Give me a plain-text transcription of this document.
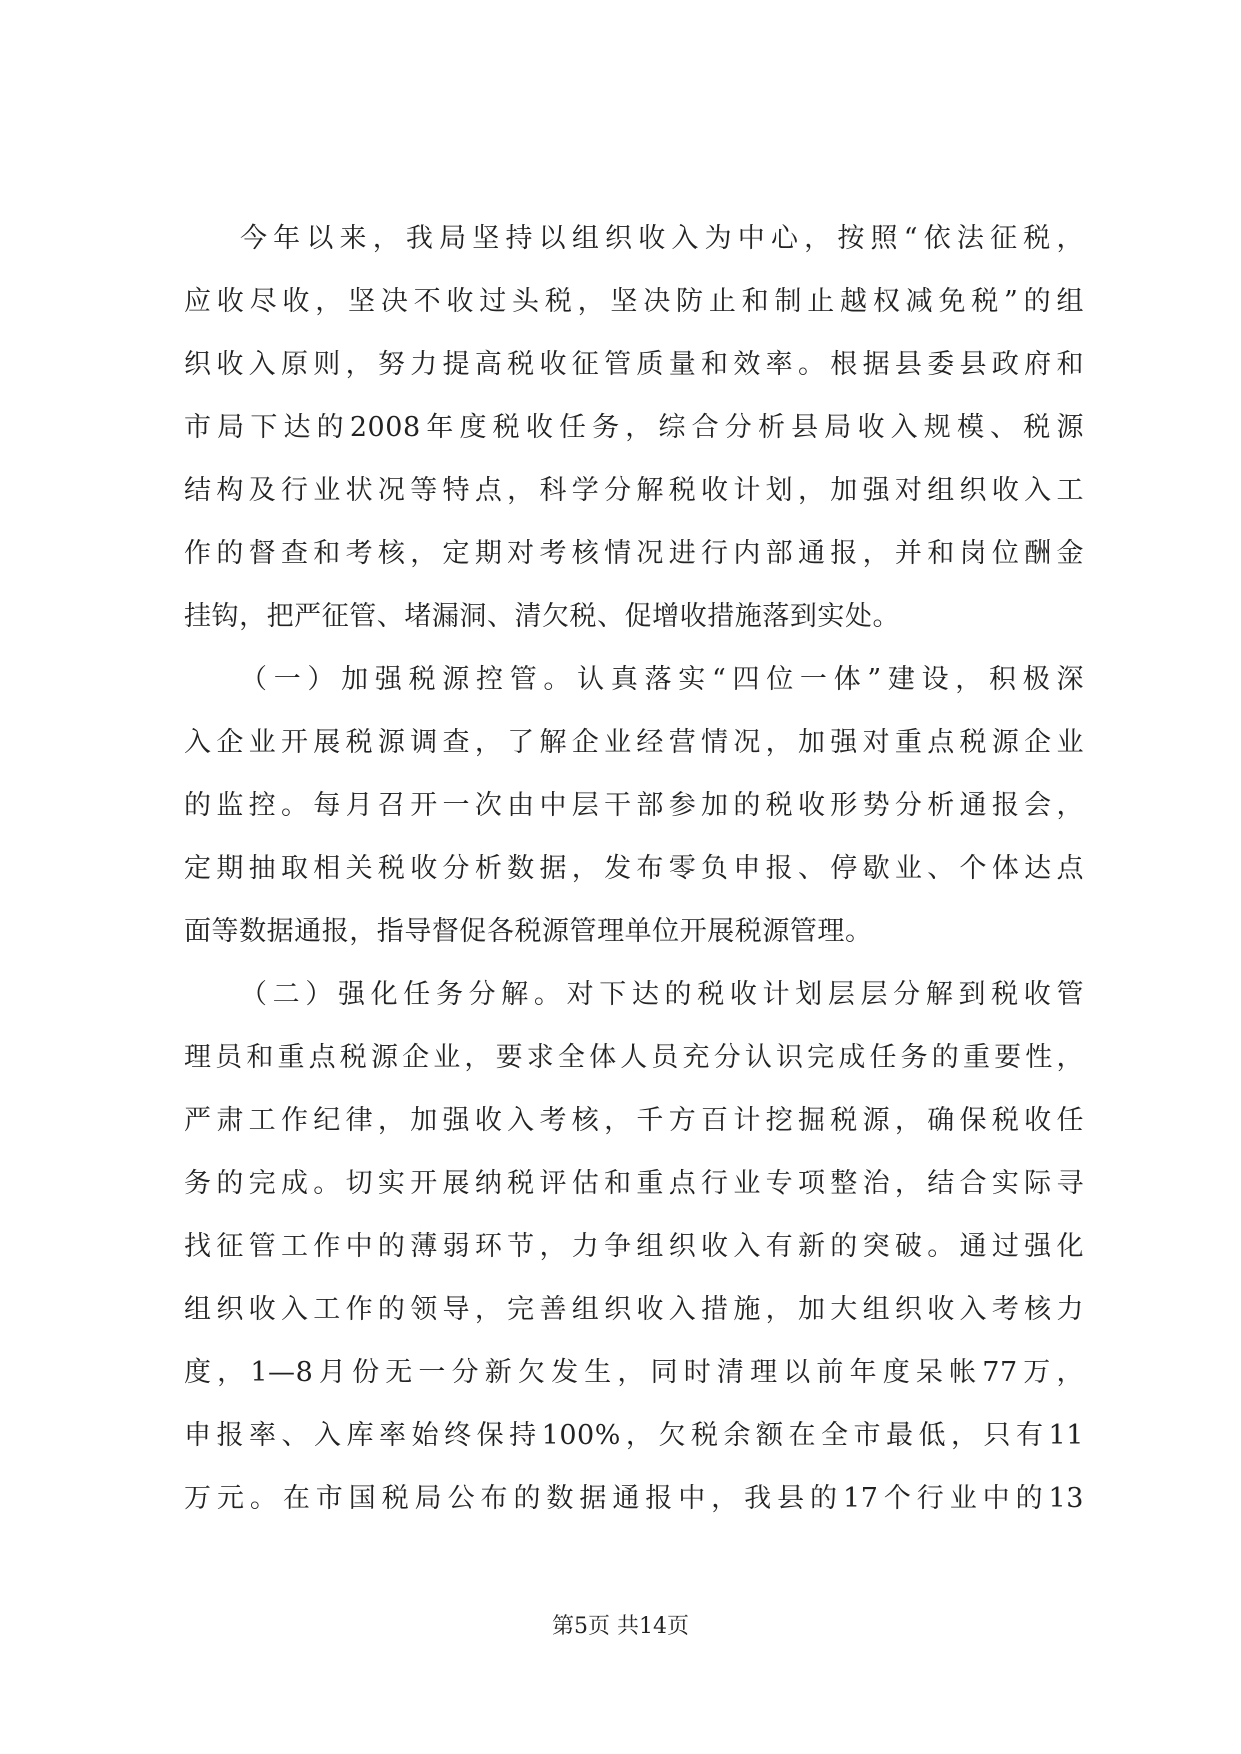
今年以来，我局坚持以组织收入为中心，按照“依法征税，
应收尽收，坚决不收过头税，坚决防止和制止越权减免税”的组
织收入原则，努力提高税收征管质量和效率。根据县委县政府和
市局下达的2008年度税收任务，综合分析县局收入规模、税源
结构及行业状况等特点，科学分解税收计划，加强对组织收入工
作的督查和考核，定期对考核情况进行内部通报，并和岗位酬金
挂钩，把严征管、堵漏洞、清欠税、促增收措施落到实处。
（一）加强税源控管。认真落实“四位一体”建设，积极深
入企业开展税源调查，了解企业经营情况，加强对重点税源企业
的监控。每月召开一次由中层干部参加的税收形势分析通报会，
定期抽取相关税收分析数据，发布零负申报、停歇业、个体达点
面等数据通报，指导督促各税源管理单位开展税源管理。
（二）强化任务分解。对下达的税收计划层层分解到税收管
理员和重点税源企业，要求全体人员充分认识完成任务的重要性，
严肃工作纪律，加强收入考核，千方百计挖掘税源，确保税收任
务的完成。切实开展纳税评估和重点行业专项整治，结合实际寻
找征管工作中的薄弱环节，力争组织收入有新的突破。通过强化
组织收入工作的领导，完善组织收入措施，加大组织收入考核力
度，1—8月份无一分新欠发生，同时清理以前年度呆帐77万，
申报率、入库率始终保持100%，欠税余额在全市最低，只有11
万元。在市国税局公布的数据通报中，我县的17个行业中的13
第5页 共14页
